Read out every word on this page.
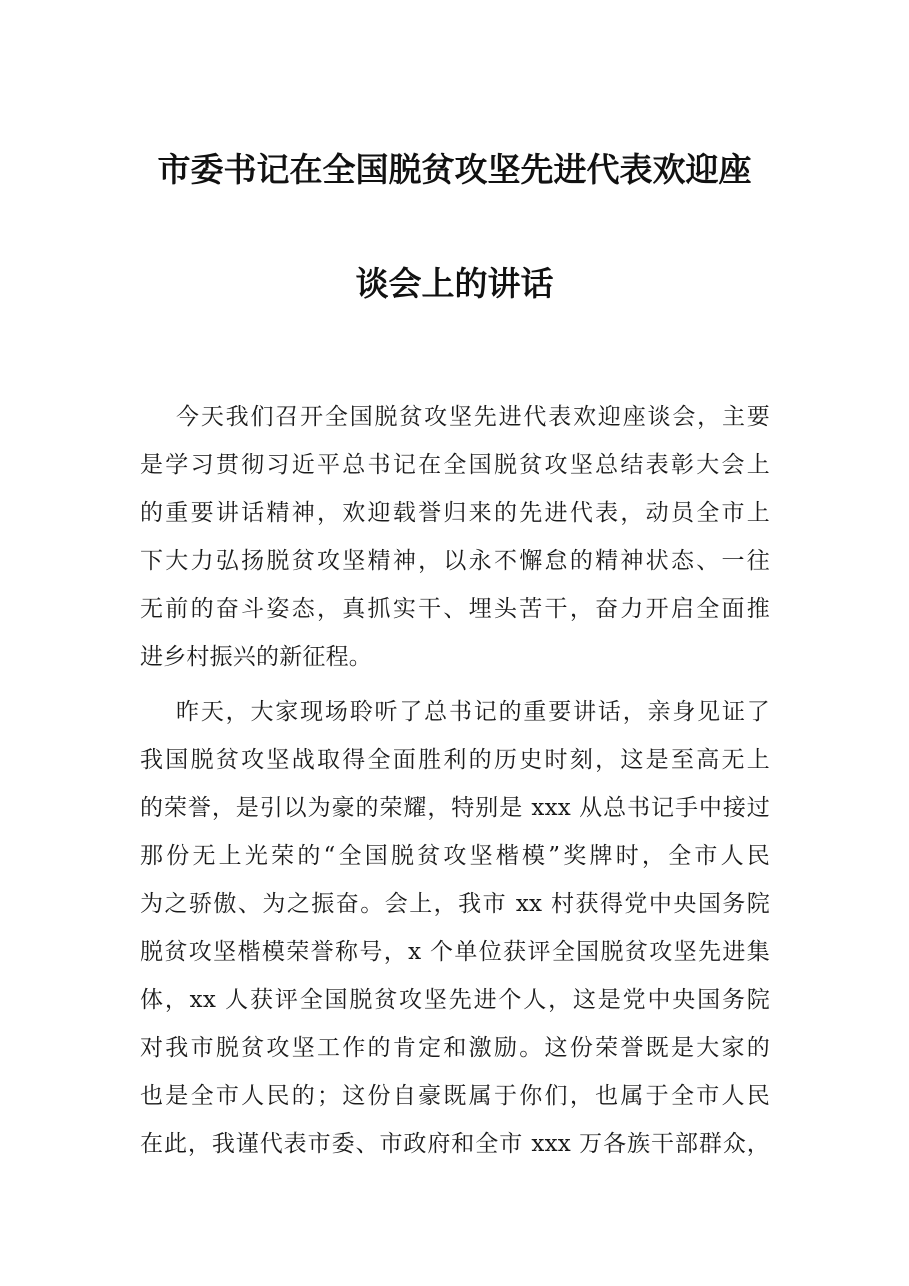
市委书记在全国脱贫攻坚先进代表欢迎座
谈会上的讲话
今天我们召开全国脱贫攻坚先进代表欢迎座谈会，主要
是学习贯彻习近平总书记在全国脱贫攻坚总结表彰大会上
的重要讲话精神，欢迎载誉归来的先进代表，动员全市上
下大力弘扬脱贫攻坚精神，以永不懈怠的精神状态、一往
无前的奋斗姿态，真抓实干、埋头苦干，奋力开启全面推
进乡村振兴的新征程。
昨天，大家现场聆听了总书记的重要讲话，亲身见证了
我国脱贫攻坚战取得全面胜利的历史时刻，这是至高无上
的荣誉，是引以为豪的荣耀，特别是 xxx 从总书记手中接过
那份无上光荣的“全国脱贫攻坚楷模”奖牌时，全市人民
为之骄傲、为之振奋。会上，我市 xx 村获得党中央国务院
脱贫攻坚楷模荣誉称号，x 个单位获评全国脱贫攻坚先进集
体，xx 人获评全国脱贫攻坚先进个人，这是党中央国务院
对我市脱贫攻坚工作的肯定和激励。这份荣誉既是大家的
也是全市人民的；这份自豪既属于你们，也属于全市人民
在此，我谨代表市委、市政府和全市 xxx 万各族干部群众，
